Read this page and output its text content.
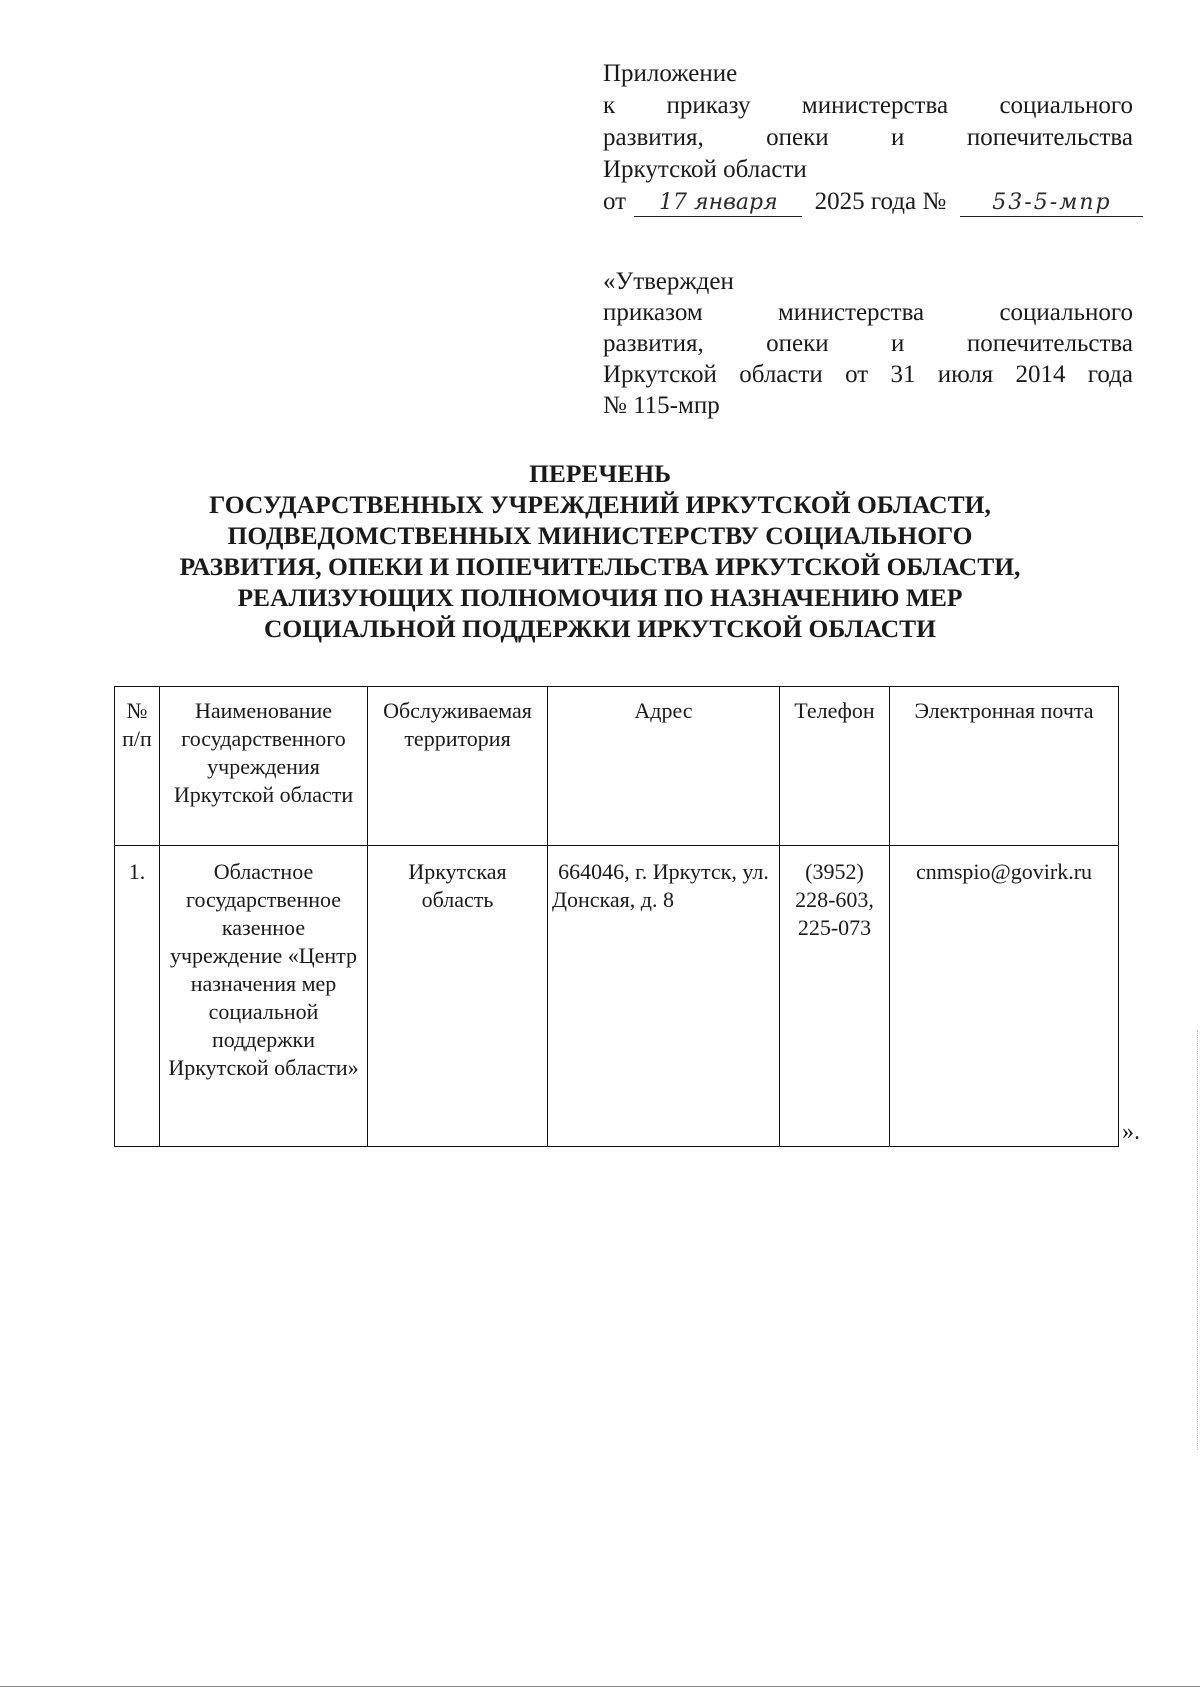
Приложение
к приказу министерства социального
развития, опеки и попечительства
Иркутской области
от 17 января 2025 года № 53-5-мпр
«Утвержден
приказом министерства социального
развития, опеки и попечительства
Иркутской области от 31 июля 2014 года
№ 115-мпр
ПЕРЕЧЕНЬ
ГОСУДАРСТВЕННЫХ УЧРЕЖДЕНИЙ ИРКУТСКОЙ ОБЛАСТИ,
ПОДВЕДОМСТВЕННЫХ МИНИСТЕРСТВУ СОЦИАЛЬНОГО
РАЗВИТИЯ, ОПЕКИ И ПОПЕЧИТЕЛЬСТВА ИРКУТСКОЙ ОБЛАСТИ,
РЕАЛИЗУЮЩИХ ПОЛНОМОЧИЯ ПО НАЗНАЧЕНИЮ МЕР
СОЦИАЛЬНОЙ ПОДДЕРЖКИ ИРКУТСКОЙ ОБЛАСТИ
№ п/п	Наименование государственного учреждения Иркутской области	Обслуживаемая территория	Адрес	Телефон	Электронная почта
1.	Областное государственное казенное учреждение «Центр назначения мер социальной поддержки Иркутской области»	Иркутская область	664046, г. Иркутск, ул. Донская, д. 8	(3952) 228-603, 225-073	cnmspio@govirk.ru
».
